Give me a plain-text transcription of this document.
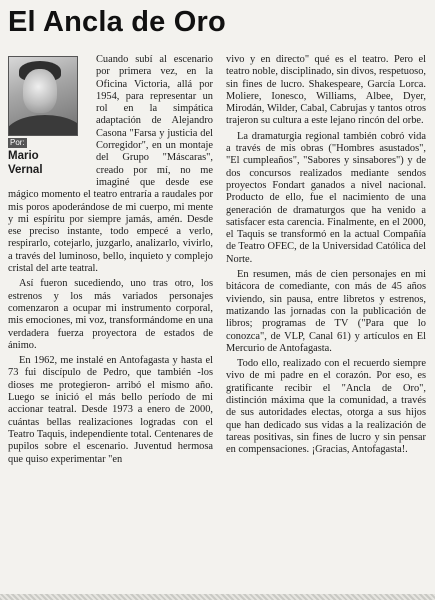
El Ancla de Oro
Por:
Mario
Vernal

Cuando subí al escenario por primera vez, en la Oficina Victoria, allá por 1954, para representar un rol en la simpática adaptación de Alejandro Casona "Farsa y justicia del Corregidor", en un montaje del Grupo "Máscaras", creado por mí, no me imaginé que desde ese mágico momento el teatro entraría a raudales por mis poros apoderándose de mi cuerpo, mi mente y mi espíritu por siempre jamás, amén. Desde ese preciso instante, todo empecé a verlo, respirarlo, cotejarlo, juzgarlo, analizarlo, vivirlo, a través del luminoso, bello, inquieto y complejo cristal del arte teatral.

Así fueron sucediendo, uno tras otro, los estrenos y los más variados personajes comenzaron a ocupar mi instrumento corporal, mis emociones, mi voz, transformándome en una verdadera fuerza proyectora de estados de ánimo.

En 1962, me instalé en Antofagasta y hasta el 73 fui discípulo de Pedro, que también -los dioses me protegieron- arribó el mismo año. Luego se inició el más bello período de mi accionar teatral. Desde 1973 a enero de 2000, cuántas bellas realizaciones logradas con el Teatro Taquis, independiente total. Centenares de pupilos sobre el escenario. Juventud hermosa que quiso experimentar "en

vivo y en directo" qué es el teatro. Pero el teatro noble, disciplinado, sin divos, respetuoso, sin fines de lucro. Shakespeare, García Lorca. Moliere, Ionesco, Williams, Albee, Dyer, Mirodán, Wilder, Cabal, Cabrujas y tantos otros trajeron su cultura a este lejano rincón del orbe.

La dramaturgia regional también cobró vida a través de mis obras ("Hombres asustados", "El cumpleaños", "Sabores y sinsabores") y de dos concursos realizados mediante sendos proyectos Fondart ganados a nivel nacional. Producto de ello, fue el nacimiento de una generación de dramaturgos que ha venido a satisfacer esta carencia. Finalmente, en el 2000, el Taquis se transformó en la actual Compañía de Teatro OFEC, de la Universidad Católica del Norte.

En resumen, más de cien personajes en mi bitácora de comediante, con más de 45 años viviendo, sin pausa, entre libretos y estrenos, matizando las jornadas con la publicación de libros; programas de TV ("Para que lo conozca", de VLP, Canal 61) y artículos en El Mercurio de Antofagasta.

Todo ello, realizado con el recuerdo siempre vivo de mi padre en el corazón. Por eso, es gratificante recibir el "Ancla de Oro", distinción máxima que la comunidad, a través de sus autoridades electas, otorga a sus hijos que han dedicado sus vidas a la realización de tareas positivas, sin fines de lucro y sin pensar en compensaciones. ¡Gracias, Antofagasta!.
